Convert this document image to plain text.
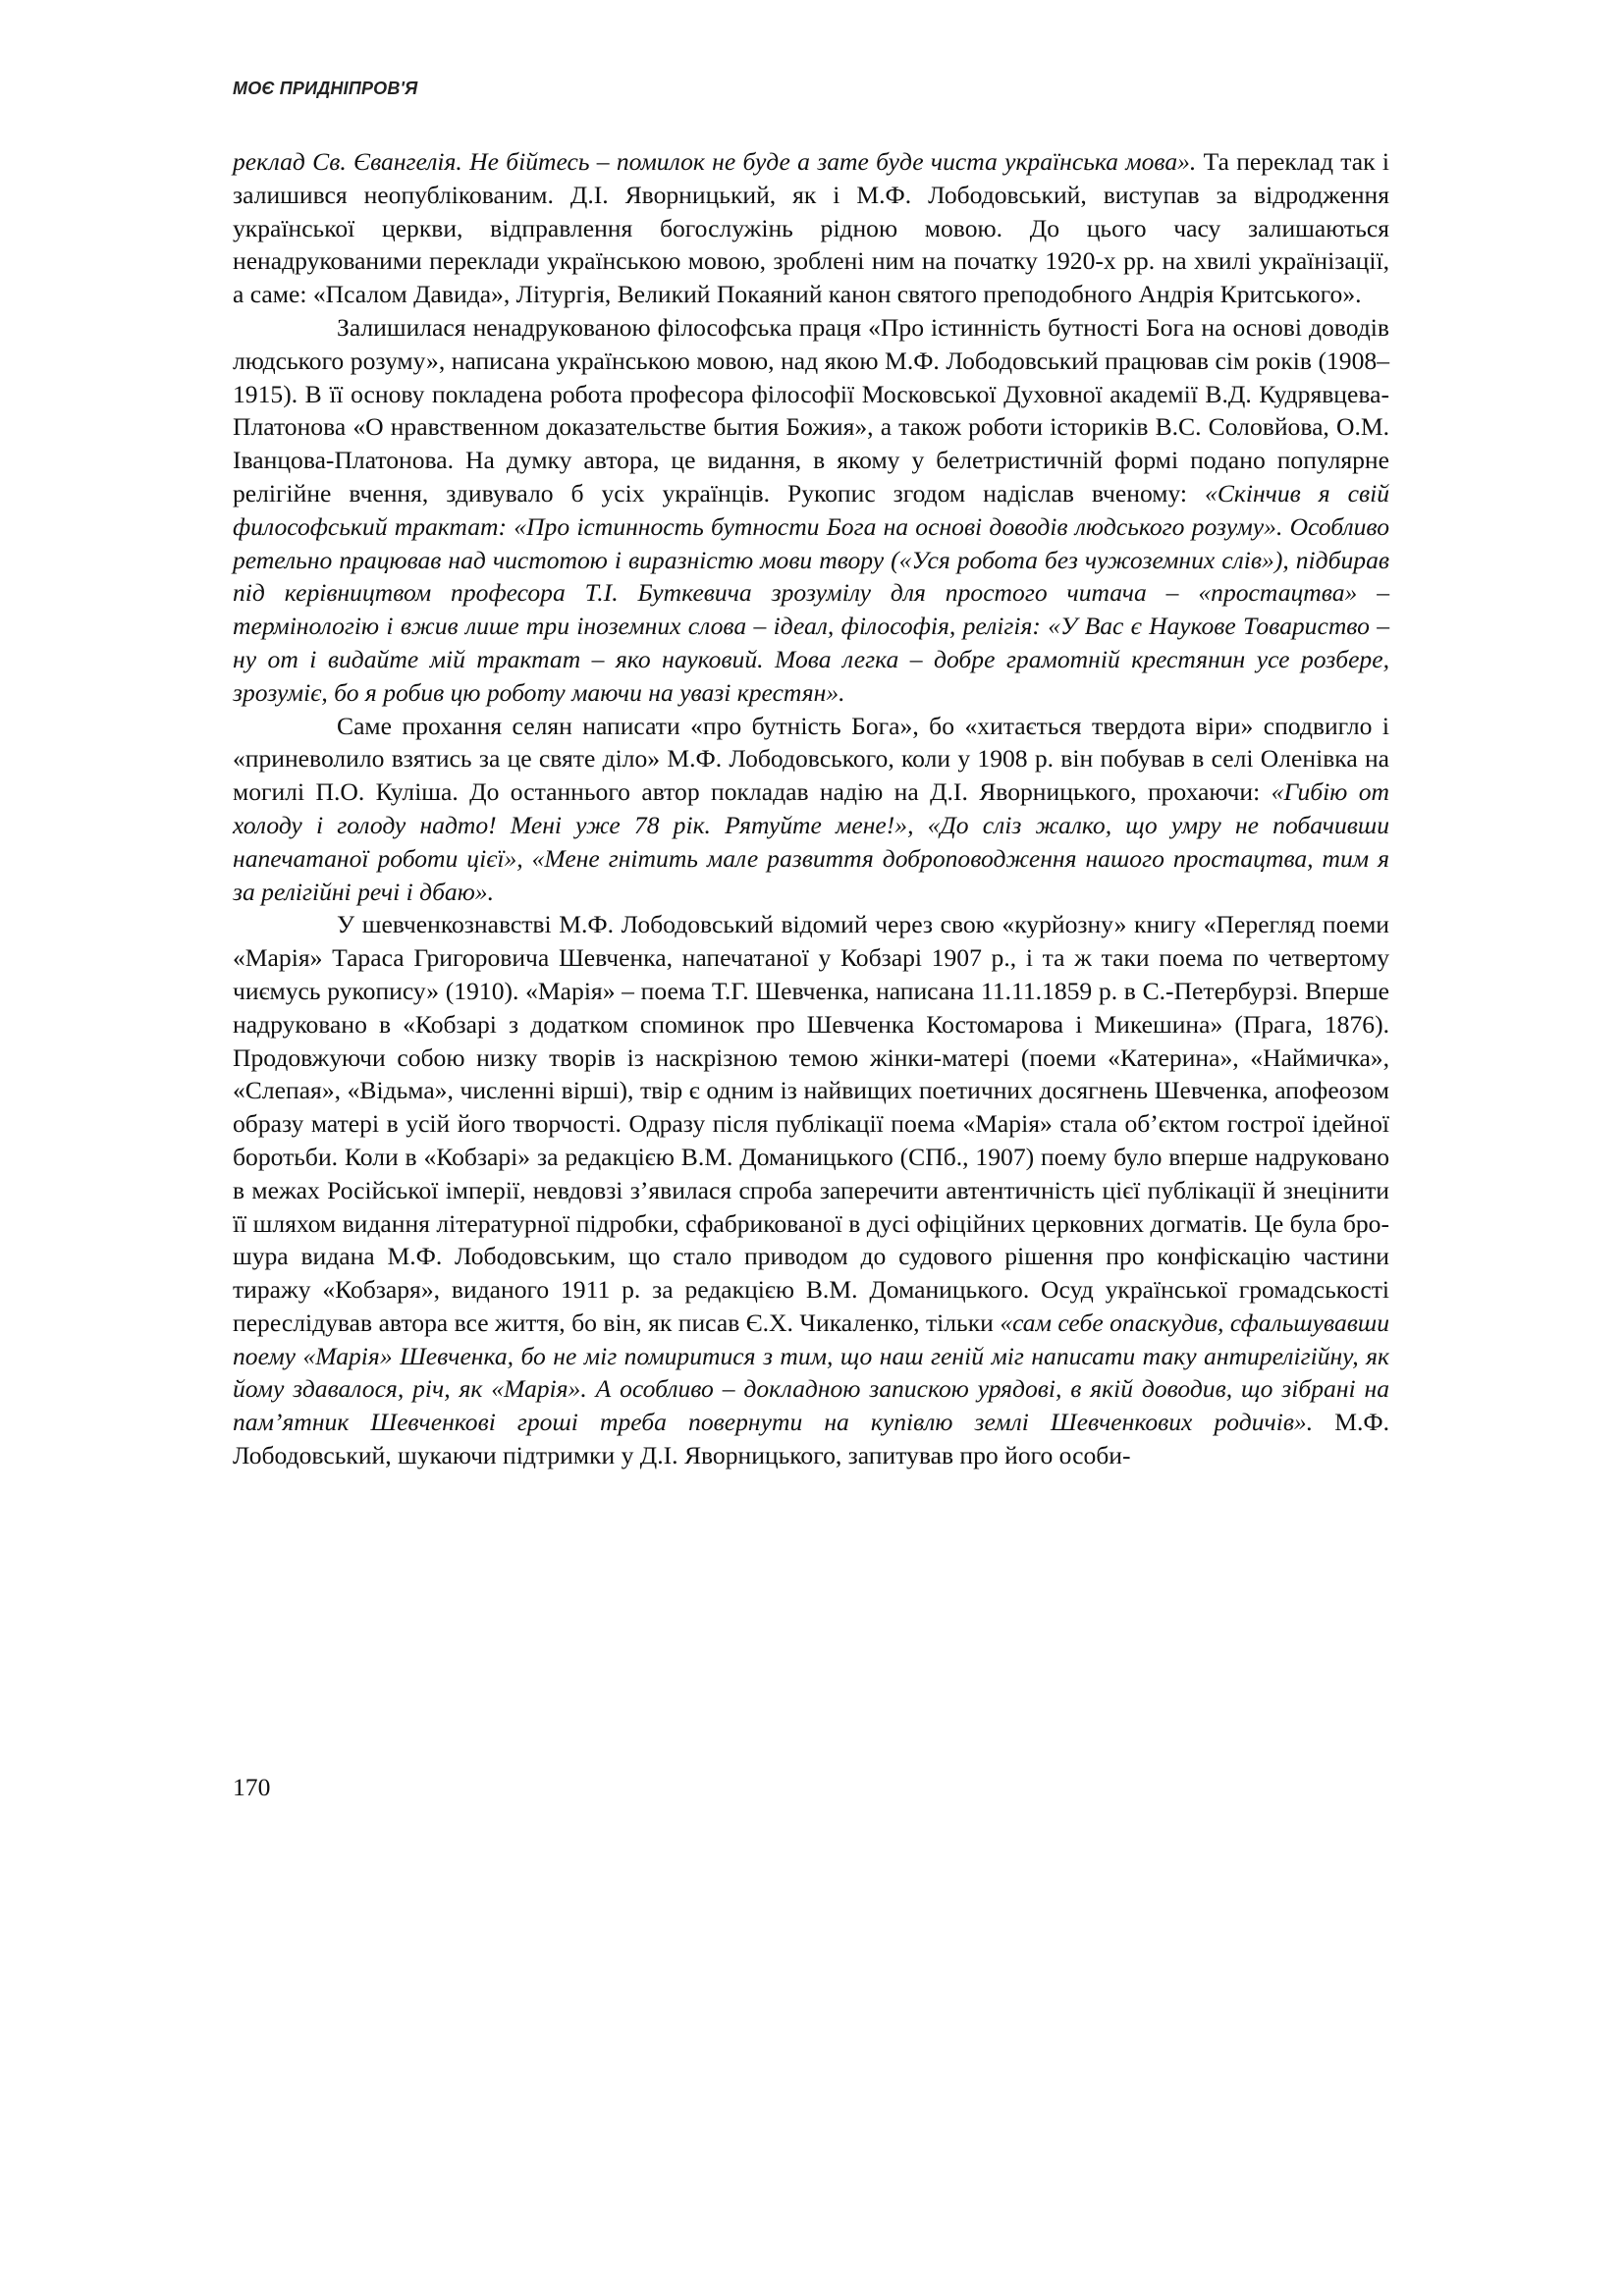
МОЄ ПРИДНІПРОВ'Я

реклад Св. Євангелія. Не бійтесь – помилок не буде а зате буде чиста українська мова». Та переклад так і залишився неопублікованим. Д.І. Яворницький, як і М.Ф. Лободовський, виступав за відродження української церкви, відправлення богослужінь рідною мовою. До цього часу залишаються ненадрукованими переклади українською мовою, зроблені ним на початку 1920-х рр. на хвилі українізації, а саме: «Псалом Давида», Літургія, Великий Покаяний канон святого преподобного Андрія Критського».

Залишилася ненадрукованою філософська праця «Про істинність бутності Бога на основі доводів людського розуму», написана українською мовою, над якою М.Ф. Лободовський працював сім років (1908–1915). В її основу покладена робота професора філософії Московської Духовної академії В.Д. Кудрявцева-Платонова «О нравственном доказательстве бытия Божия», а також роботи істориків В.С. Соловйова, О.М. Іванцова-Платонова. На думку автора, це видання, в якому у белетристичній формі подано популярне релігійне вчення, здивувало б усіх українців. Рукопис згодом надіслав вченому: «Скінчив я свій философський трактат: «Про істинность бутности Бога на основі доводів людського розуму». Особливо ретельно працював над чистотою і виразністю мови твору («Уся робота без чужоземних слів»), підбирав під керівництвом професора Т.І. Буткевича зрозумілу для простого читача – «простацтва» – термінологію і вжив лише три іноземних слова – ідеал, філософія, релігія: «У Вас є Наукове Товариство – ну от і видайте мій трактат – яко науковий. Мова легка – добре грамотній крестянин усе розбере, зрозуміє, бо я робив цю роботу маючи на увазі крестян».

Саме прохання селян написати «про бутність Бога», бо «хитається твердота віри» сподвигло і «приневолило взятись за це святе діло» М.Ф. Лободовського, коли у 1908 р. він побував в селі Оленівка на могилі П.О. Куліша. До останнього автор покладав надію на Д.І. Яворницького, прохаючи: «Гибію от холоду і голоду надто! Мені уже 78 рік. Рятуйте мене!», «До сліз жалко, що умру не побачивши напечатаної роботи цієї», «Мене гнітить мале развиття доброповодження нашого простацтва, тим я за релігійні речі і дбаю».

У шевченкознавстві М.Ф. Лободовський відомий через свою «курйозну» книгу «Перегляд поеми «Марія» Тараса Григоровича Шевченка, напечатаної у Кобзарі 1907 р., і та ж таки поема по четвертому чиємусь рукопису» (1910). «Марія» – поема Т.Г. Шевченка, написана 11.11.1859 р. в С.-Петербурзі. Вперше надруковано в «Кобзарі з додатком споминок про Шевченка Костомарова і Микешина» (Прага, 1876). Продовжуючи собою низку творів із наскрізною темою жінки-матері (поеми «Катерина», «Наймичка», «Слепая», «Відьма», численні вірші), твір є одним із найвищих поетичних досягнень Шевченка, апофеозом образу матері в усій його творчості. Одразу після публікації поема «Марія» стала об’єктом гострої ідейної боротьби. Коли в «Кобзарі» за редакцією В.М. Доманицького (СПб., 1907) поему було вперше надруковано в межах Російської імперії, невдовзі з’явилася спроба заперечити автентичність цієї публікації й знецінити її шляхом видання літературної підробки, сфабрикованої в дусі офіційних церковних догматів. Це була брошура видана М.Ф. Лободовським, що стало приводом до судового рішення про конфіскацію частини тиражу «Кобзаря», виданого 1911 р. за редакцією В.М. Доманицького. Осуд української громадськості переслідував автора все життя, бо він, як писав Є.Х. Чикаленко, тільки «сам себе опаскудив, сфальшувавши поему «Марія» Шевченка, бо не міг помиритися з тим, що наш геній міг написати таку антирелігійну, як йому здавалося, річ, як «Марія». А особливо – докладною запискою урядові, в якій доводив, що зібрані на пам’ятник Шевченкові гроші треба повернути на купівлю землі Шевченкових родичів». М.Ф. Лободовський, шукаючи підтримки у Д.І. Яворницького, запитував про його особи-

170
